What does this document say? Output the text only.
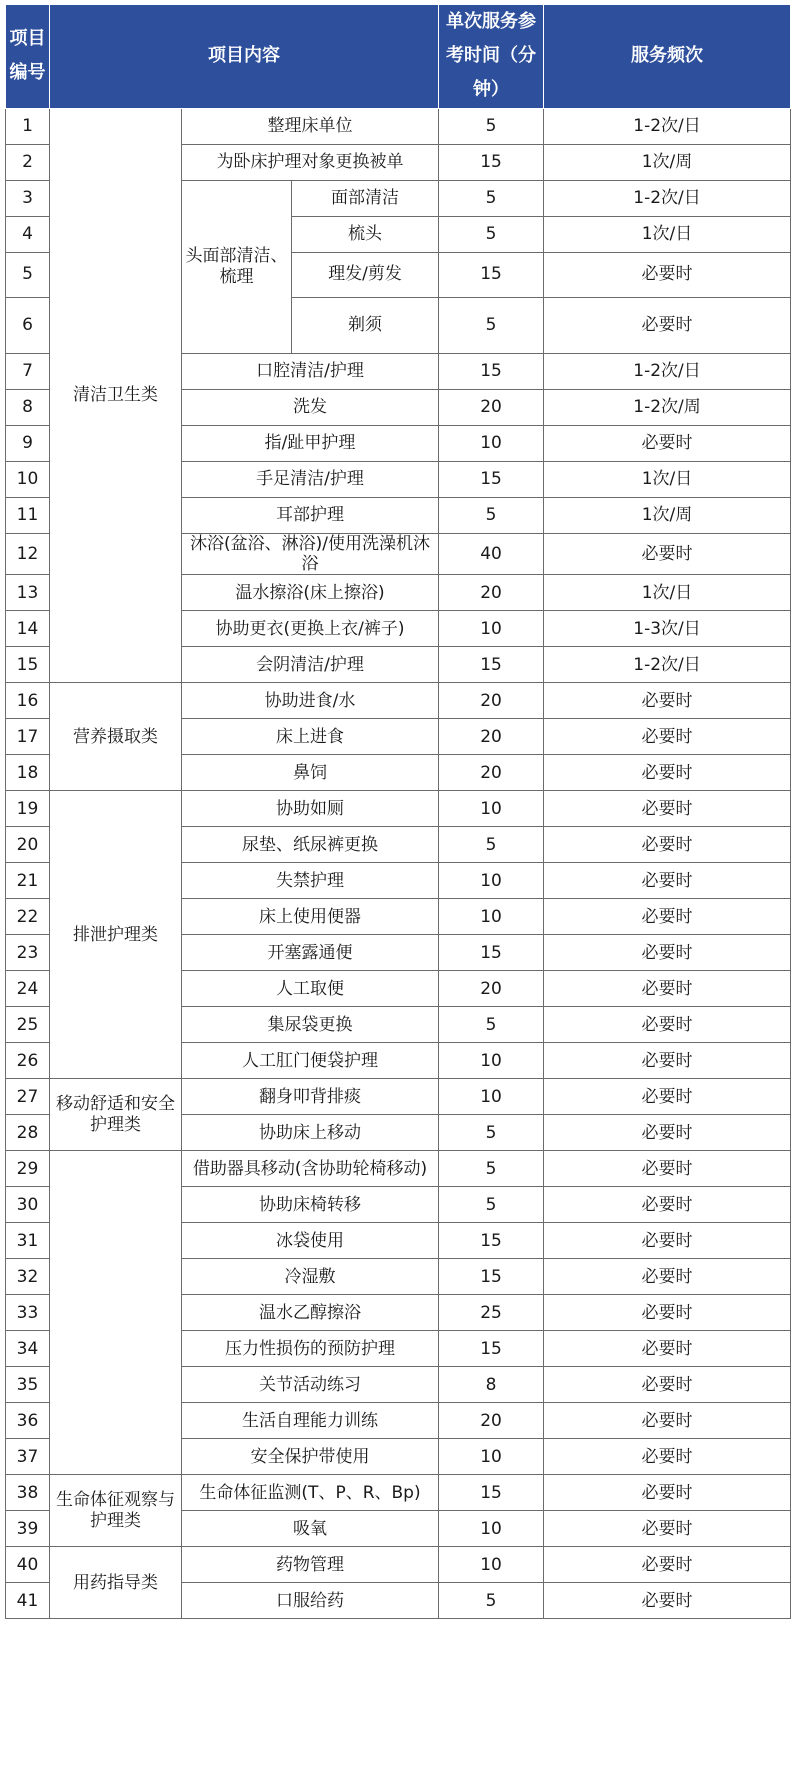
项目编号	项目内容			单次服务参考时间（分钟）	服务频次
1	清洁卫生类	整理床单位		5	1-2次/日
2		为卧床护理对象更换被单		15	1次/周
3		头面部清洁、梳理	面部清洁	5	1-2次/日
4			梳头	5	1次/日
5			理发/剪发	15	必要时
6			剃须	5	必要时
7		口腔清洁/护理		15	1-2次/日
8		洗发		20	1-2次/周
9		指/趾甲护理		10	必要时
10		手足清洁/护理		15	1次/日
11		耳部护理		5	1次/周
12		沐浴(盆浴、淋浴)/使用洗澡机沐浴		40	必要时
13		温水擦浴(床上擦浴)		20	1次/日
14		协助更衣(更换上衣/裤子)		10	1-3次/日
15		会阴清洁/护理		15	1-2次/日
16	营养摄取类	协助进食/水		20	必要时
17		床上进食		20	必要时
18		鼻饲		20	必要时
19	排泄护理类	协助如厕		10	必要时
20		尿垫、纸尿裤更换		5	必要时
21		失禁护理		10	必要时
22		床上使用便器		10	必要时
23		开塞露通便		15	必要时
24		人工取便		20	必要时
25		集尿袋更换		5	必要时
26		人工肛门便袋护理		10	必要时
27	移动舒适和安全护理类	翻身叩背排痰		10	必要时
28		协助床上移动		5	必要时
29		借助器具移动(含协助轮椅移动)		5	必要时
30		协助床椅转移		5	必要时
31		冰袋使用		15	必要时
32		冷湿敷		15	必要时
33		温水乙醇擦浴		25	必要时
34		压力性损伤的预防护理		15	必要时
35		关节活动练习		8	必要时
36		生活自理能力训练		20	必要时
37		安全保护带使用		10	必要时
38	生命体征观察与护理类	生命体征监测(T、P、R、Bp)		15	必要时
39		吸氧		10	必要时
40	用药指导类	药物管理		10	必要时
41		口服给药		5	必要时
